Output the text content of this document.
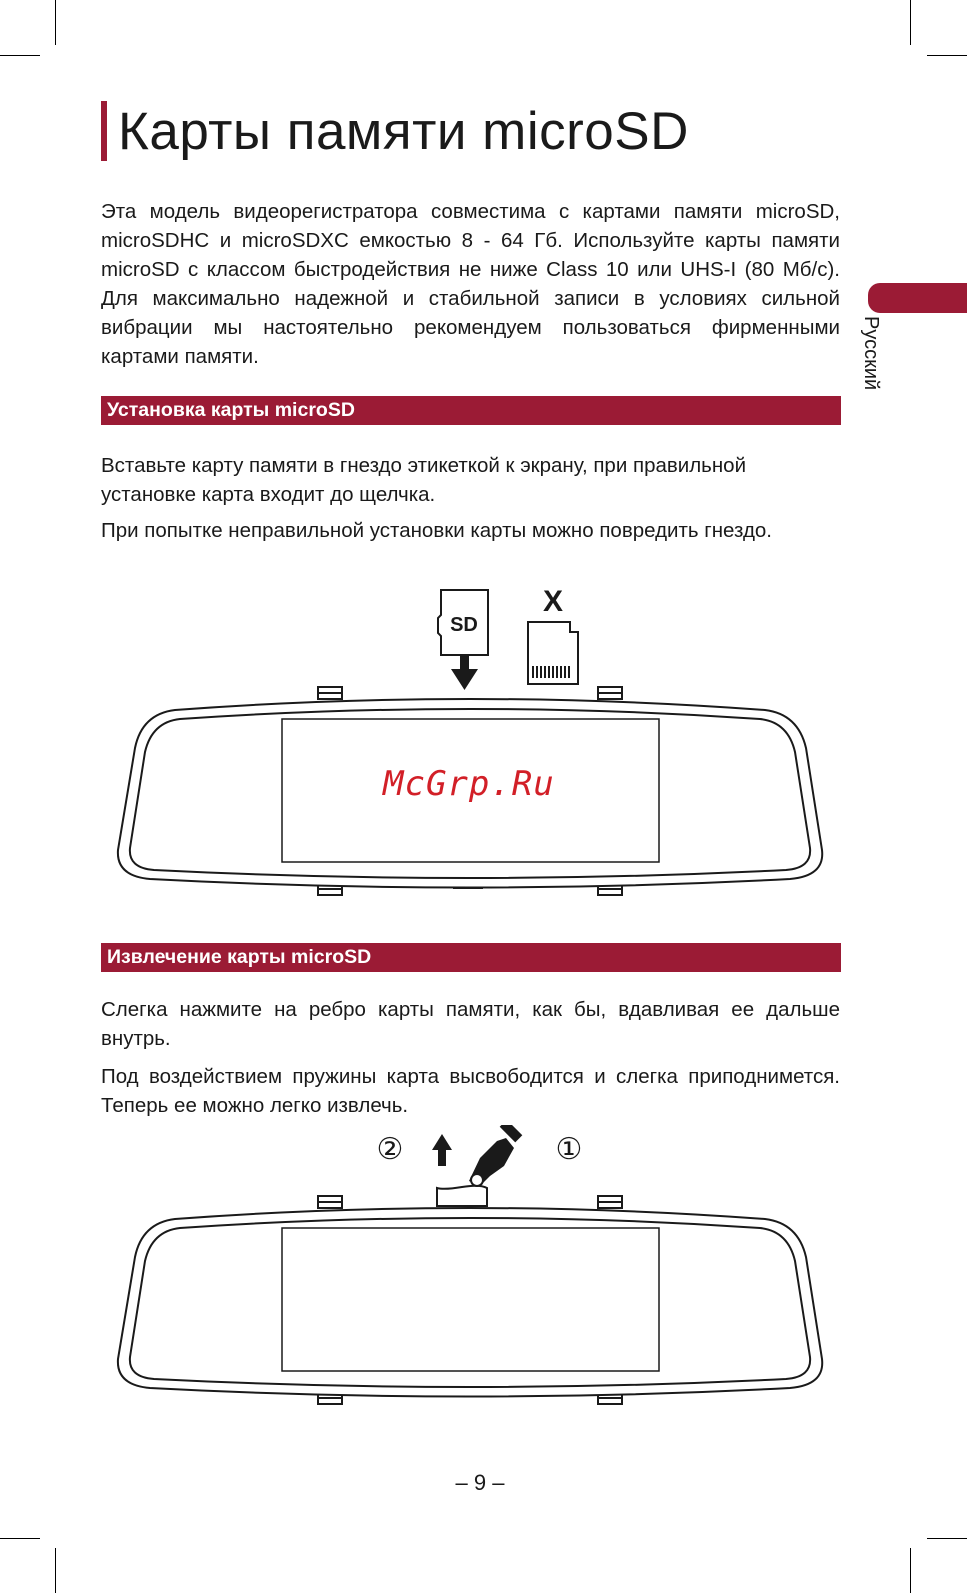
Карты памяти microSD
Русский

Эта модель видеорегистратора совместима с картами памяти microSD, microSDHC и microSDXC емкостью 8 - 64 Гб. Используйте карты памяти microSD с классом быстродействия не ниже Class 10 или UHS-I (80 Мб/с). Для максимально надежной и стабильной записи в условиях сильной вибрации мы настоятельно рекомендуем пользоваться фирменными картами памяти.

Установка карты microSD

Вставьте карту памяти в гнездо этикеткой к экрану, при правильной установке карта входит до щелчка.

При попытке неправильной установки карты можно повредить гнездо.

SD
X
McGrp.Ru
Извлечение карты microSD

Слегка нажмите на ребро карты памяти, как бы, вдавливая ее дальше внутрь.

Под воздействием пружины карта высвободится и слегка приподнимется. Теперь ее можно легко извлечь.

②	①
– 9 –
